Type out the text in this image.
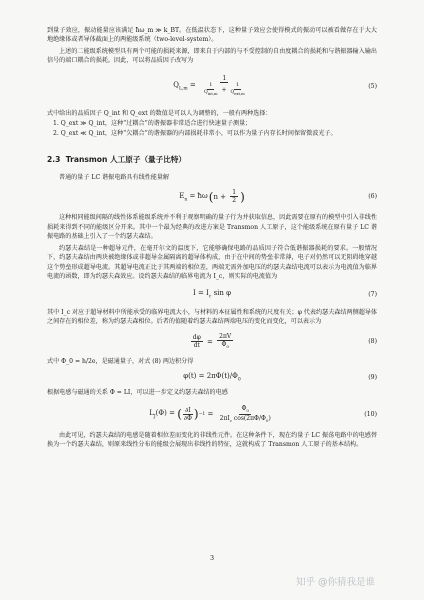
到量子效应，振动能量应该满足 ħω_m ≫ k_BT。在低温状态下，这种量子效应会使得模式的振动可以被看做存在于大大地绝缘体或者导体截面上的两能级系统（two-level-system）。

上述的二能级系统模型具有两个可能的损耗来源，即来自于内部的与不受控制的自由度耦合的损耗和与谐振器输入输出信号的端口耦合的损耗。因此，可以将品质因子改写为

$Q_{L,m} = \frac{1}{\frac{1}{Q_{int,m}} + \frac{1}{Q_{ext,m}}}$	(5)

式中给出的品质因子 Q_int 和 Q_ext 的数值是可以人为调整的，一般有两种选择：

1. Q_ext ≫ Q_int，这种“过耦合”的谐振器非常适合进行快速量子测量；

2. Q_ext ≪ Q_int，这种“欠耦合”的谐振器的内部损耗非常小，可以作为量子内存长时间保留微波光子。

2.3 Transmon 人工原子（量子比特）

普通的量子 LC 谐振电路具有线性能量解

$E_n$ = ħω ( $n + \frac{1}{2}$ )	(6)

这种相同能级间隔的线性体系能级系统并不利于观察明确的量子行为并获取信息，因此需要在原有的模型中引入非线性损耗来得到不同的能级区分开来。其中一个最为经典的改进方案是 Transmon 人工原子，这个能级系统在原有量子 LC 谐振电路的基础上引入了一个约瑟夫森结。

约瑟夫森结是一种超导元件，在毫开尔文的温度下，它能够确保电路的品质因子符合低谐振器损耗的要求。一般情况下，约瑟夫森结由两块被绝缘体或非超导金属隔离的超导体构成，由于在中间的势垒非常薄，电子对仍然可以无阻碍地穿越这个势垒形成超导电流。其超导电流正比于其两端的相位差，两端无需外加电压的约瑟夫森结电流可以表示为电流值为临界电流的函数，即为约瑟夫森效应。设约瑟夫森结的临界电流为 I_c，则实际的电流值为

$I = I_c$ sin φ	(7)

其中 I_c 对应于超导材料中所能承受的临界电流大小，与材料的本征属性和系统的尺度有关；φ 代表约瑟夫森结两侧超导体之间存在的相位差，称为约瑟夫森相位。后者的值随着约瑟夫森结两端电压的变化而变化，可以表示为

$\frac{d\varphi}{dt} = \frac{2\pi V}{\Phi_0}$	(8)

式中 Φ_0 = h/2e，是磁通量子，对式 (8) 两边积分得

$\varphi(t) = 2\pi\Phi(t)/\Phi_0$	(9)

根据电感与磁通的关系 Φ = LI，可以进一步定义约瑟夫森结的电感

$L_J(\Phi)$ = ( $\frac{\partial I}{\partial\Phi}$ ) $-1 = \frac{\Phi_0}{2\pi I_c \cos(2\pi\Phi/\Phi_0)}$	(10)

由此可见，约瑟夫森结的电感是随着相位差而变化的非线性元件。在这种条件下，现在约量子 LC 振荡电路中的电感替换为一个约瑟夫森结，则原来线性分布的能级会展现出非线性的特征，这就构成了 Transmon 人工原子的基本结构。

3
知乎 @你猜我是谁
